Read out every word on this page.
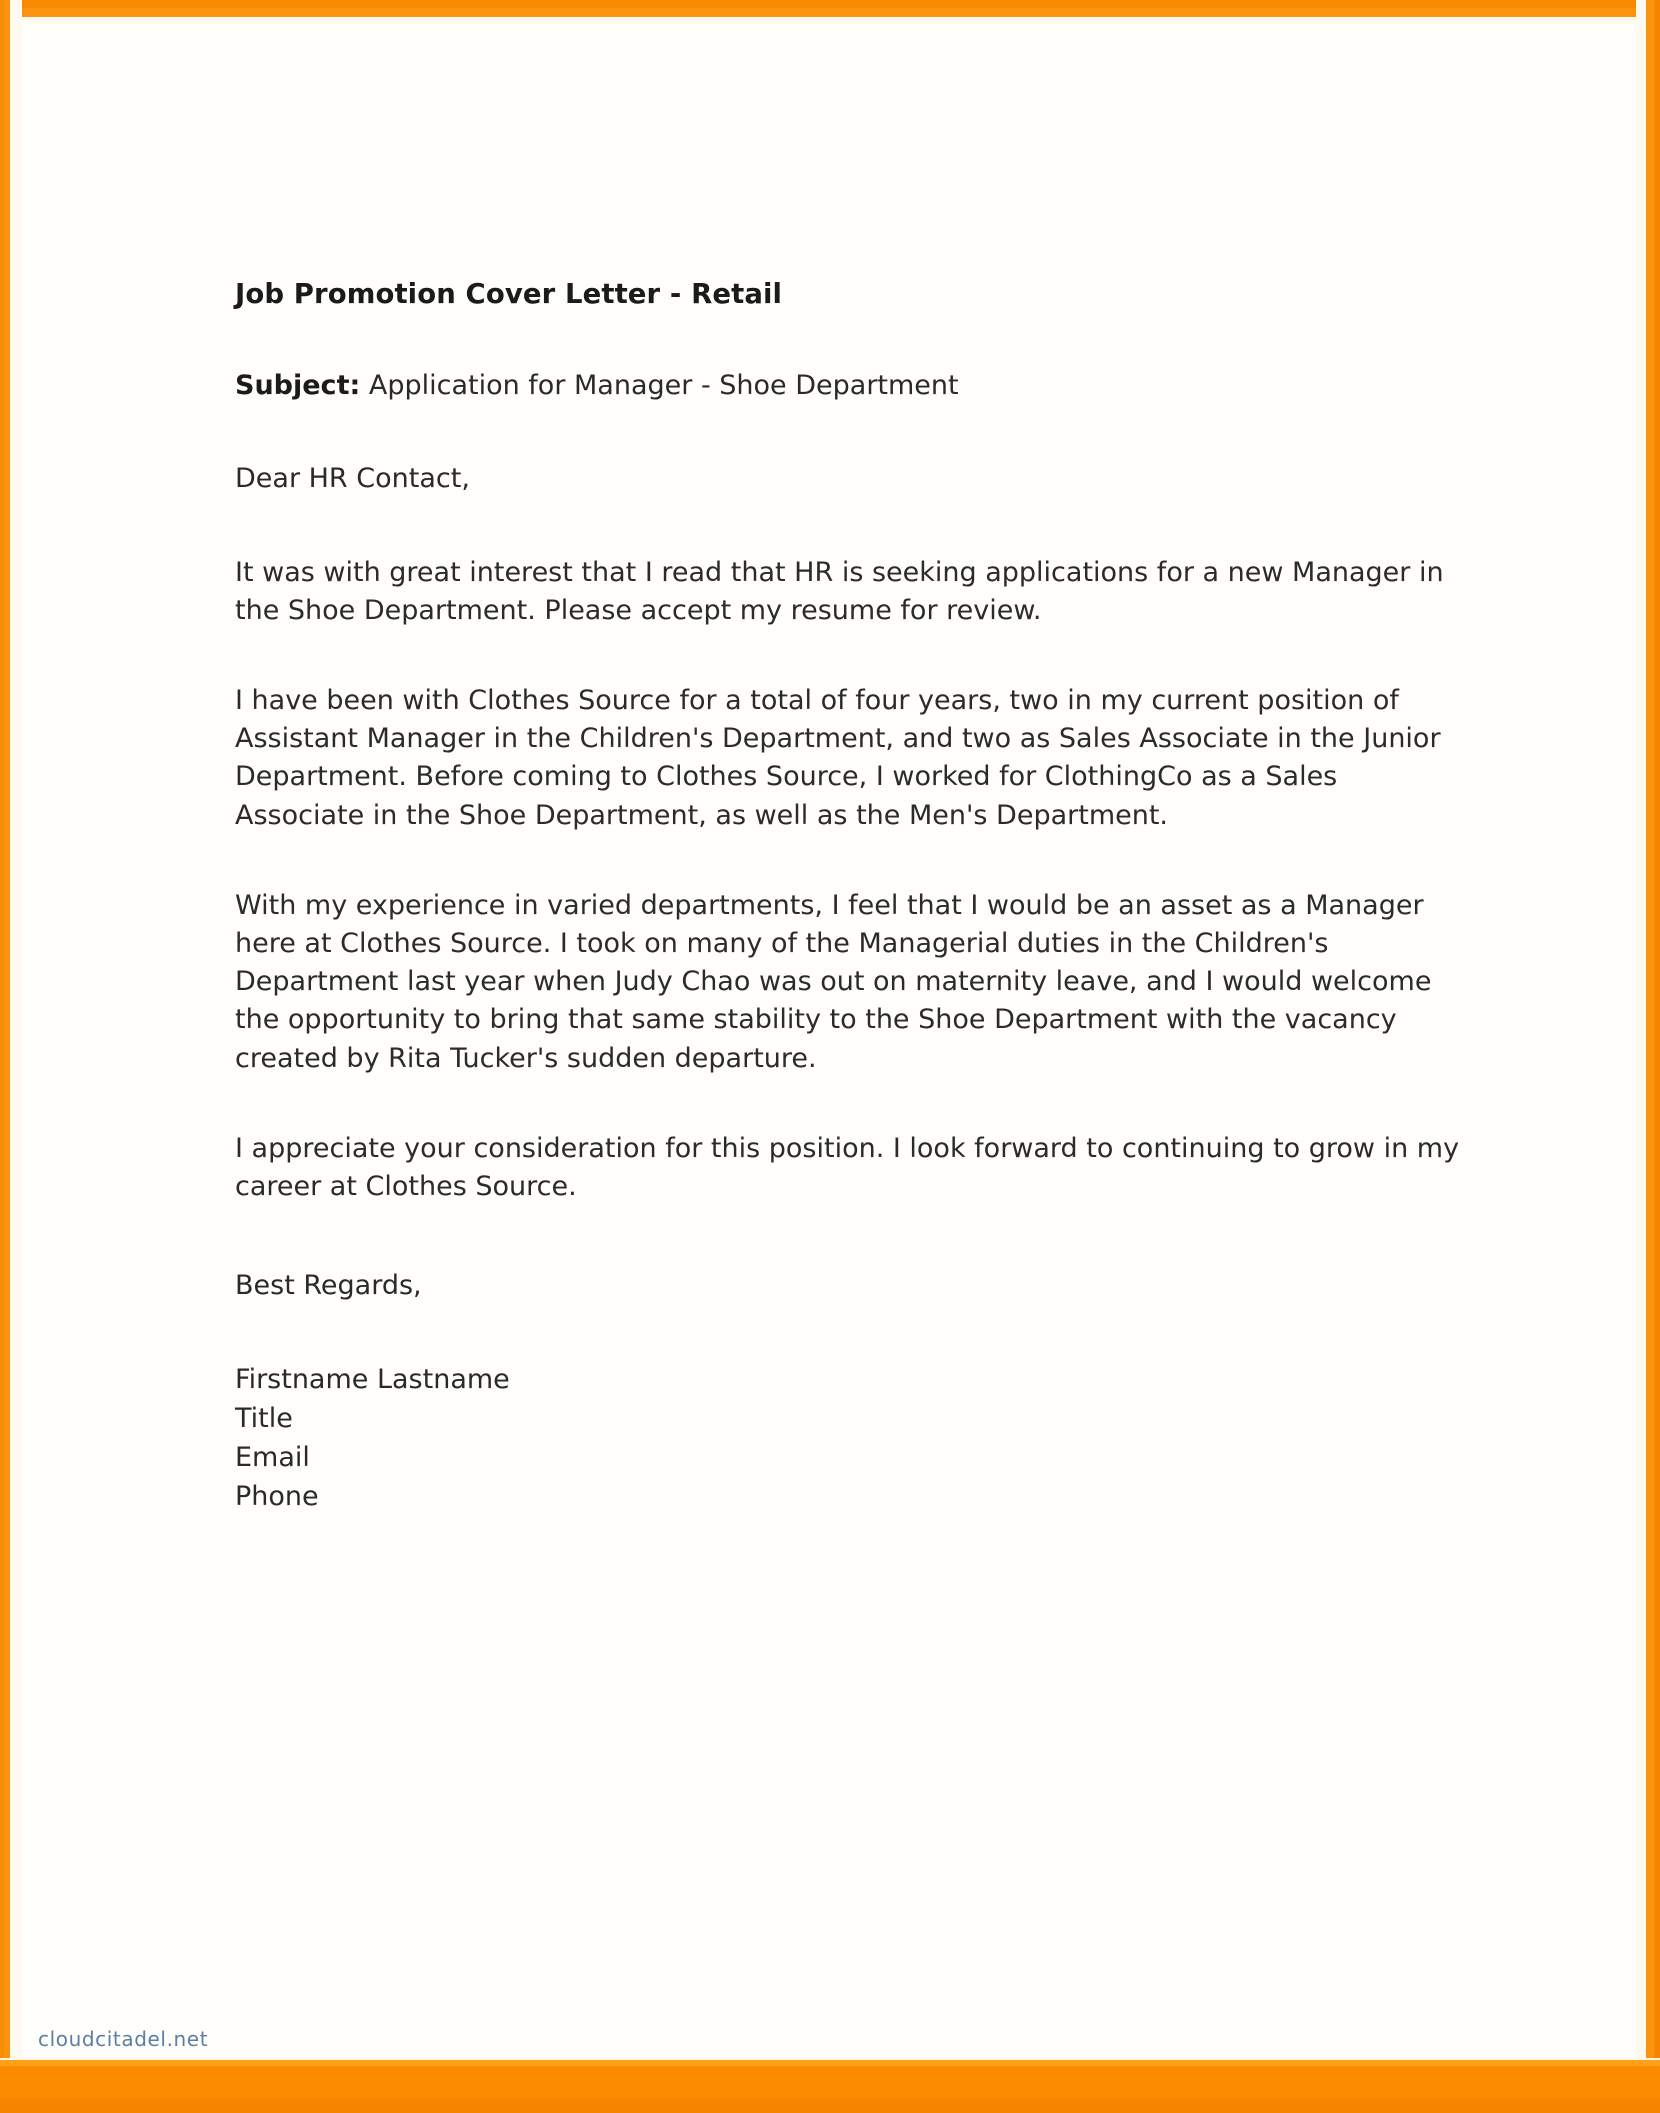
Job Promotion Cover Letter - Retail

Subject: Application for Manager - Shoe Department

Dear HR Contact,

It was with great interest that I read that HR is seeking applications for a new Manager in the Shoe Department. Please accept my resume for review.

I have been with Clothes Source for a total of four years, two in my current position of Assistant Manager in the Children's Department, and two as Sales Associate in the Junior Department. Before coming to Clothes Source, I worked for ClothingCo as a Sales Associate in the Shoe Department, as well as the Men's Department.

With my experience in varied departments, I feel that I would be an asset as a Manager here at Clothes Source. I took on many of the Managerial duties in the Children's Department last year when Judy Chao was out on maternity leave, and I would welcome the opportunity to bring that same stability to the Shoe Department with the vacancy created by Rita Tucker's sudden departure.

I appreciate your consideration for this position. I look forward to continuing to grow in my career at Clothes Source.

Best Regards,

Firstname Lastname
Title
Email
Phone
cloudcitadel.net
